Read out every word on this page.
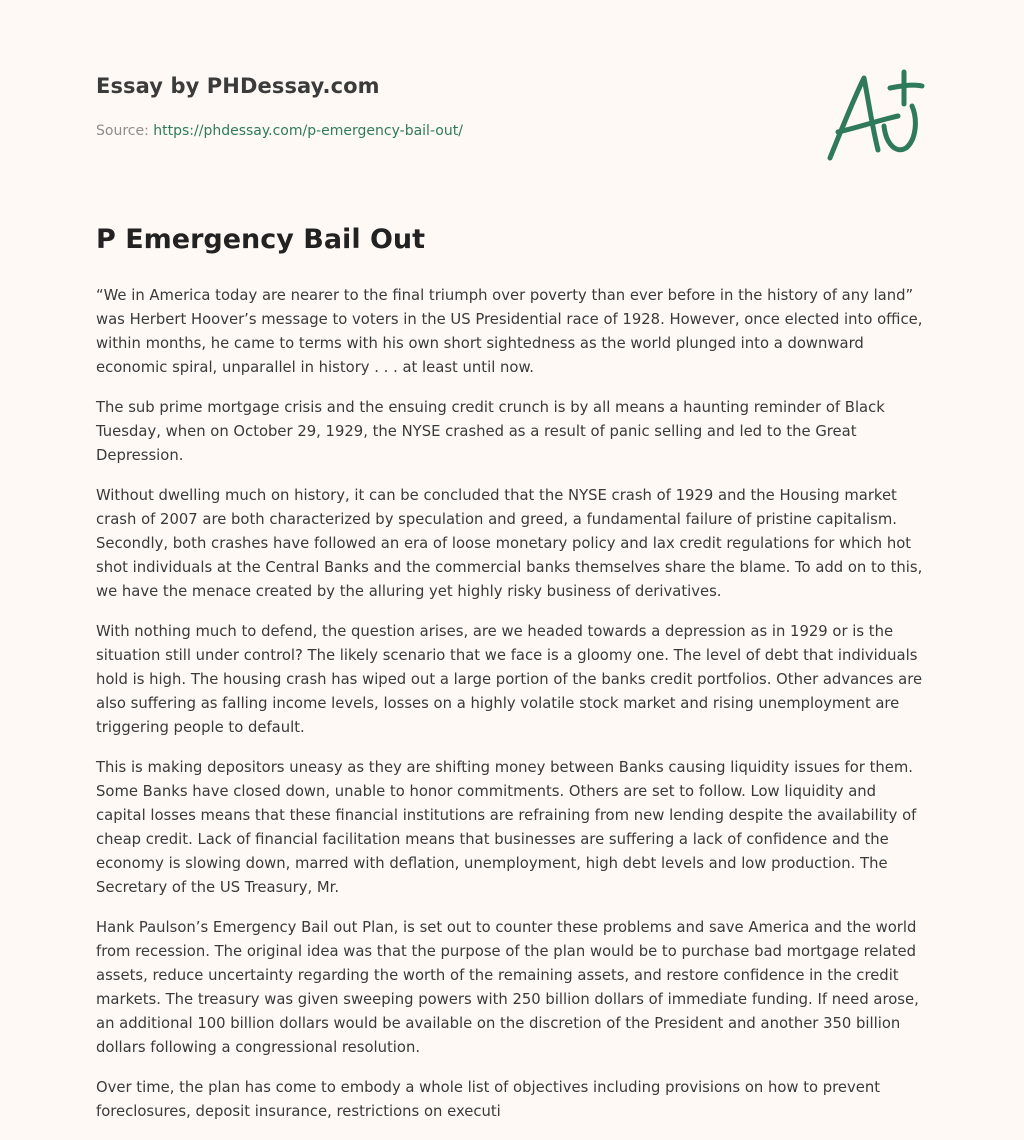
Essay by PHDessay.com

Source: https://phdessay.com/p-emergency-bail-out/

P Emergency Bail Out

“We in America today are nearer to the final triumph over poverty than ever before in the history of any land” was Herbert Hoover’s message to voters in the US Presidential race of 1928. However, once elected into office, within months, he came to terms with his own short sightedness as the world plunged into a downward economic spiral, unparallel in history . . . at least until now.

The sub prime mortgage crisis and the ensuing credit crunch is by all means a haunting reminder of Black Tuesday, when on October 29, 1929, the NYSE crashed as a result of panic selling and led to the Great Depression.

Without dwelling much on history, it can be concluded that the NYSE crash of 1929 and the Housing market crash of 2007 are both characterized by speculation and greed, a fundamental failure of pristine capitalism. Secondly, both crashes have followed an era of loose monetary policy and lax credit regulations for which hot shot individuals at the Central Banks and the commercial banks themselves share the blame. To add on to this, we have the menace created by the alluring yet highly risky business of derivatives.

With nothing much to defend, the question arises, are we headed towards a depression as in 1929 or is the situation still under control? The likely scenario that we face is a gloomy one. The level of debt that individuals hold is high. The housing crash has wiped out a large portion of the banks credit portfolios. Other advances are also suffering as falling income levels, losses on a highly volatile stock market and rising unemployment are triggering people to default.

This is making depositors uneasy as they are shifting money between Banks causing liquidity issues for them. Some Banks have closed down, unable to honor commitments. Others are set to follow. Low liquidity and capital losses means that these financial institutions are refraining from new lending despite the availability of cheap credit. Lack of financial facilitation means that businesses are suffering a lack of confidence and the economy is slowing down, marred with deflation, unemployment, high debt levels and low production. The Secretary of the US Treasury, Mr.

Hank Paulson’s Emergency Bail out Plan, is set out to counter these problems and save America and the world from recession. The original idea was that the purpose of the plan would be to purchase bad mortgage related assets, reduce uncertainty regarding the worth of the remaining assets, and restore confidence in the credit markets. The treasury was given sweeping powers with 250 billion dollars of immediate funding. If need arose, an additional 100 billion dollars would be available on the discretion of the President and another 350 billion dollars following a congressional resolution.

Over time, the plan has come to embody a whole list of objectives including provisions on how to prevent foreclosures, deposit insurance, restrictions on executi
